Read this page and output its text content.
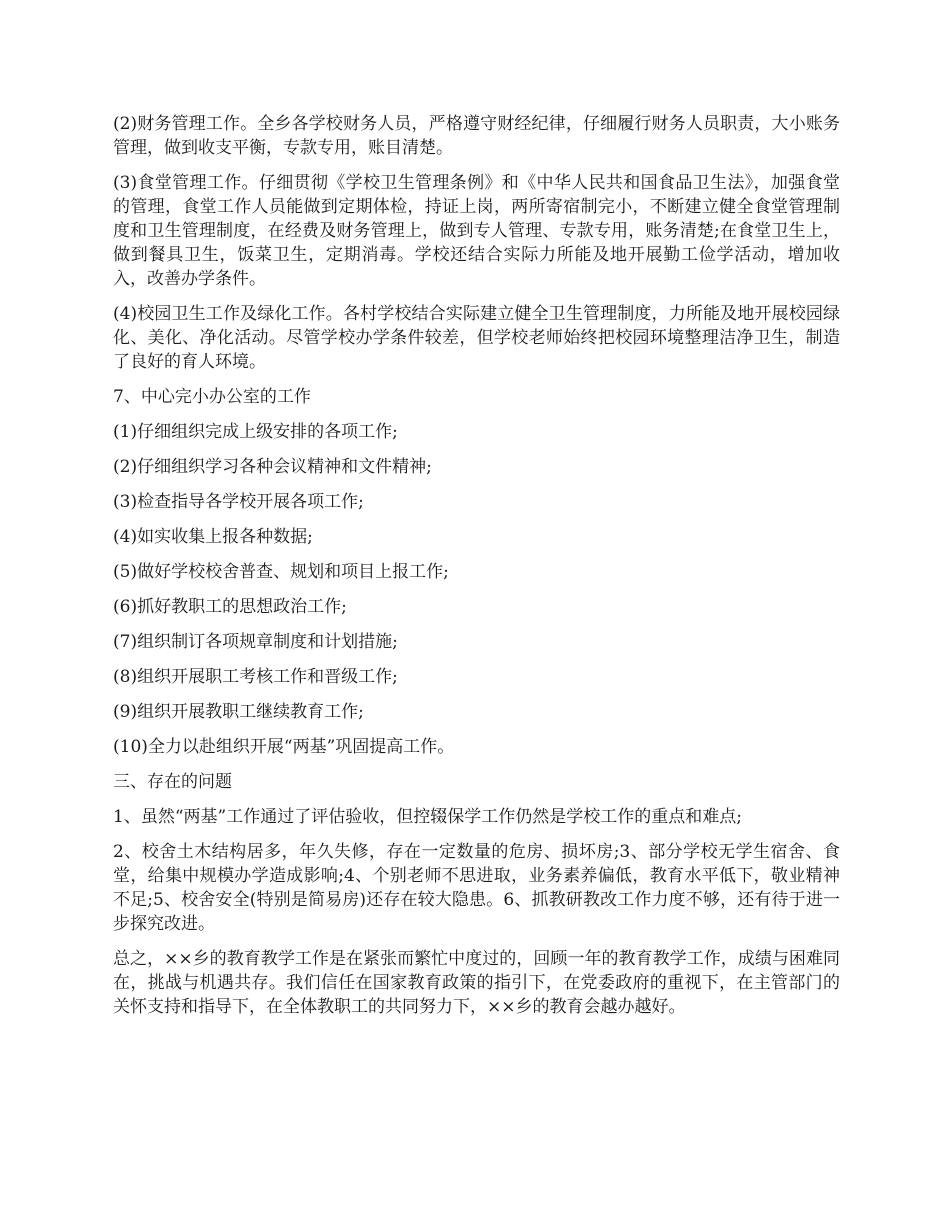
(2)财务管理工作。全乡各学校财务人员，严格遵守财经纪律，仔细履行财务人员职责，大小账务管理，做到收支平衡，专款专用，账目清楚。

(3)食堂管理工作。仔细贯彻《学校卫生管理条例》和《中华人民共和国食品卫生法》，加强食堂的管理，食堂工作人员能做到定期体检，持证上岗，两所寄宿制完小，不断建立健全食堂管理制度和卫生管理制度，在经费及财务管理上，做到专人管理、专款专用，账务清楚;在食堂卫生上，做到餐具卫生，饭菜卫生，定期消毒。学校还结合实际力所能及地开展勤工俭学活动，增加收入，改善办学条件。

(4)校园卫生工作及绿化工作。各村学校结合实际建立健全卫生管理制度，力所能及地开展校园绿化、美化、净化活动。尽管学校办学条件较差，但学校老师始终把校园环境整理洁净卫生，制造了良好的育人环境。

7、中心完小办公室的工作

(1)仔细组织完成上级安排的各项工作;

(2)仔细组织学习各种会议精神和文件精神;

(3)检查指导各学校开展各项工作;

(4)如实收集上报各种数据;

(5)做好学校校舍普查、规划和项目上报工作;

(6)抓好教职工的思想政治工作;

(7)组织制订各项规章制度和计划措施;

(8)组织开展职工考核工作和晋级工作;

(9)组织开展教职工继续教育工作;

(10)全力以赴组织开展“两基”巩固提高工作。

三、存在的问题

1、虽然“两基”工作通过了评估验收，但控辍保学工作仍然是学校工作的重点和难点;

2、校舍土木结构居多，年久失修，存在一定数量的危房、损坏房;3、部分学校无学生宿舍、食堂，给集中规模办学造成影响;4、个别老师不思进取，业务素养偏低，教育水平低下，敬业精神不足;5、校舍安全(特别是简易房)还存在较大隐患。6、抓教研教改工作力度不够，还有待于进一步探究改进。

总之，××乡的教育教学工作是在紧张而繁忙中度过的，回顾一年的教育教学工作，成绩与困难同在，挑战与机遇共存。我们信任在国家教育政策的指引下，在党委政府的重视下，在主管部门的关怀支持和指导下，在全体教职工的共同努力下，××乡的教育会越办越好。
